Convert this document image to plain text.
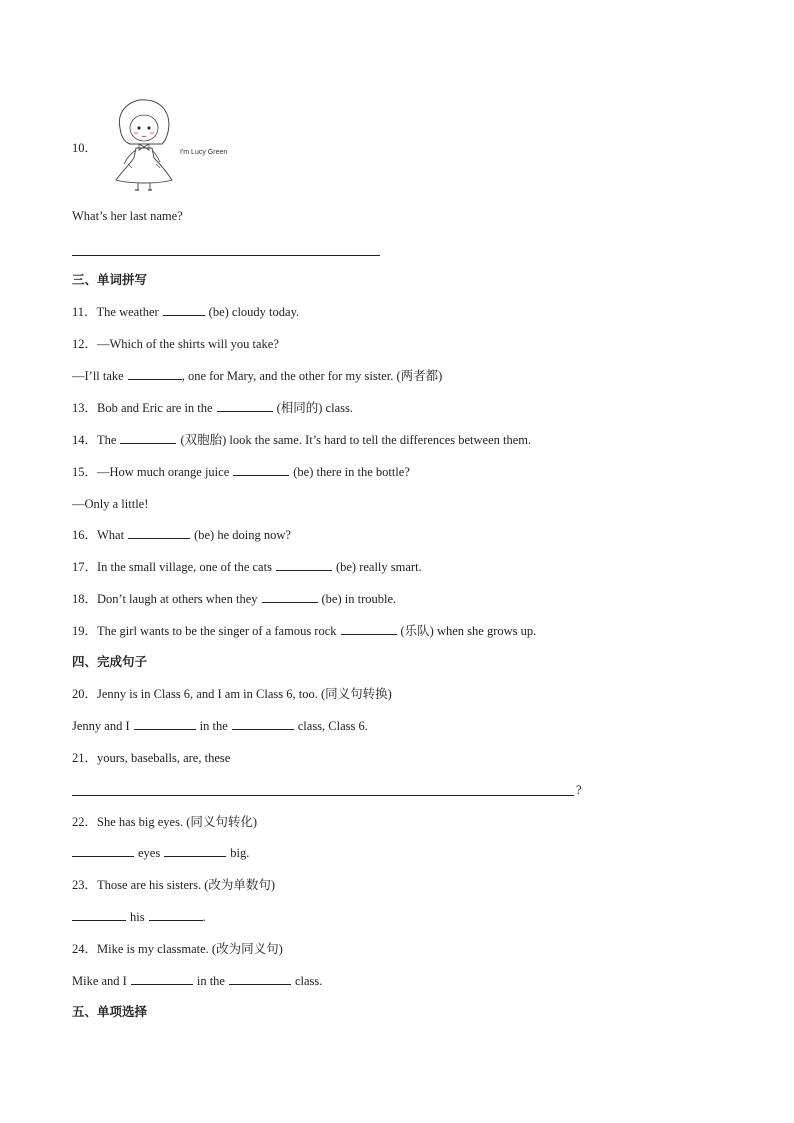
10．	I'm Lucy Green
What’s her last name?
三、单词拼写
11．The weather	(be) cloudy today.
12．—Which of the shirts will you take?
—I’ll take	, one for Mary, and the other for my sister. (两者都)
13．Bob and Eric are in the	(相同的) class.
14．The	(双胞胎) look the same. It’s hard to tell the differences between them.
15．—How much orange juice	(be) there in the bottle?
—Only a little!
16．What	(be) he doing now?
17．In the small village, one of the cats	(be) really smart.
18．Don’t laugh at others when they	(be) in trouble.
19．The girl wants to be the singer of a famous rock	(乐队) when she grows up.
四、完成句子
20．Jenny is in Class 6, and I am in Class 6, too. (同义句转换)
Jenny and I	in the	class, Class 6.
21．yours, baseballs, are, these
?
22．She has big eyes. (同义句转化)
eyes	big.
23．Those are his sisters. (改为单数句)
his	.
24．Mike is my classmate. (改为同义句)
Mike and I	in the	class.
五、单项选择
